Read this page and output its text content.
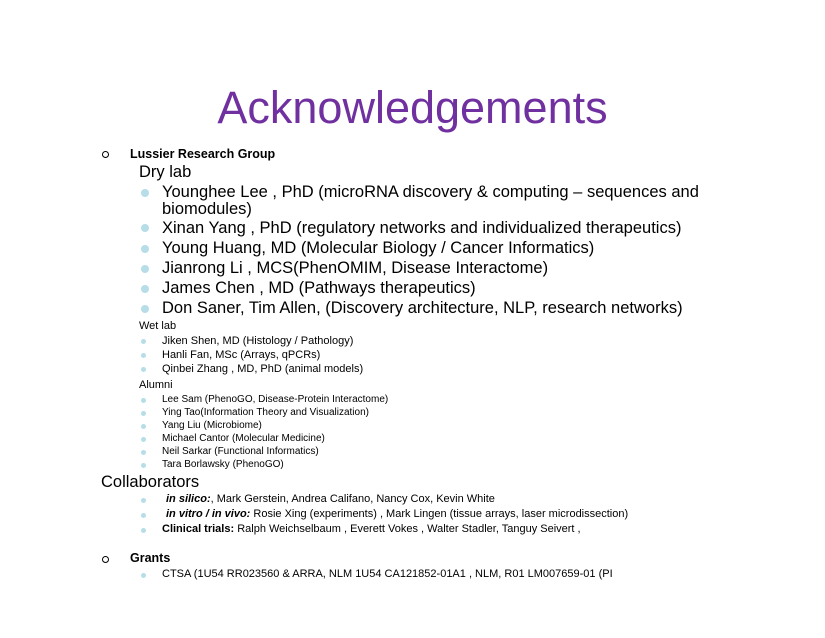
Acknowledgements
Lussier Research Group
Dry lab
Younghee Lee , PhD (microRNA discovery & computing – sequences and
biomodules)
Xinan Yang , PhD (regulatory networks and individualized therapeutics)
Young Huang, MD (Molecular Biology / Cancer Informatics)
Jianrong Li , MCS(PhenOMIM, Disease Interactome)
James Chen , MD (Pathways therapeutics)
Don Saner, Tim Allen, (Discovery architecture, NLP, research networks)
Wet lab
Jiken Shen, MD (Histology / Pathology)
Hanli Fan, MSc (Arrays, qPCRs)
Qinbei Zhang , MD, PhD (animal models)
Alumni
Lee Sam (PhenoGO, Disease-Protein Interactome)
Ying Tao(Information Theory and Visualization)
Yang Liu (Microbiome)
Michael Cantor (Molecular Medicine)
Neil Sarkar (Functional Informatics)
Tara Borlawsky (PhenoGO)
Collaborators
in silico:, Mark Gerstein, Andrea Califano, Nancy Cox, Kevin White
in vitro / in vivo: Rosie Xing (experiments) , Mark Lingen (tissue arrays, laser microdissection)
Clinical trials: Ralph Weichselbaum , Everett Vokes , Walter Stadler, Tanguy Seivert ,
Grants
CTSA (1U54 RR023560 & ARRA, NLM 1U54 CA121852-01A1 , NLM, R01 LM007659-01 (PI
